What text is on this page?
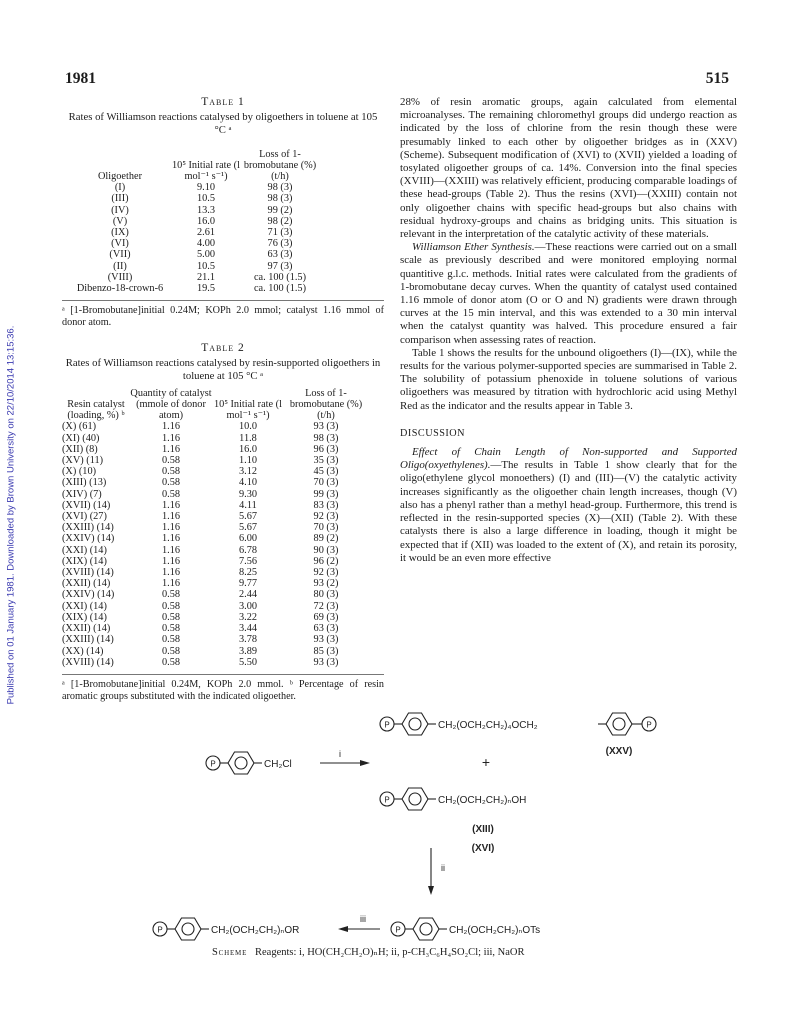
Published on 01 January 1981. Downloaded by Brown University on 22/10/2014 13:15:36.
1981	515
Table 1
Rates of Williamson reactions catalysed by oligoethers in toluene at 105 °C ᵃ
Oligoether	10⁵ Initial rate (l mol⁻¹ s⁻¹)	Loss of 1-bromobutane (%) (t/h)
(I)	9.10	98 (3)
(III)	10.5	98 (3)
(IV)	13.3	99 (2)
(V)	16.0	98 (2)
(IX)	2.61	71 (3)
(VI)	4.00	76 (3)
(VII)	5.00	63 (3)
(II)	10.5	97 (3)
(VIII)	21.1	ca. 100 (1.5)
Dibenzo-18-crown-6	19.5	ca. 100 (1.5)
ᵃ [1-Bromobutane]initial 0.24M; KOPh 2.0 mmol; catalyst 1.16 mmol of donor atom.
Table 2
Rates of Williamson reactions catalysed by resin-supported oligoethers in toluene at 105 °C ᵃ
Resin catalyst (loading, %) ᵇ	Quantity of catalyst (mmole of donor atom)	10⁵ Initial rate (l mol⁻¹ s⁻¹)	Loss of 1-bromobutane (%) (t/h)
(X) (61)	1.16	10.0	93 (3)
(XI) (40)	1.16	11.8	98 (3)
(XII) (8)	1.16	16.0	96 (3)
(XV) (11)	0.58	1.10	35 (3)
(X) (10)	0.58	3.12	45 (3)
(XIII) (13)	0.58	4.10	70 (3)
(XIV) (7)	0.58	9.30	99 (3)
(XVII) (14)	1.16	4.11	83 (3)
(XVI) (27)	1.16	5.67	92 (3)
(XXIII) (14)	1.16	5.67	70 (3)
(XXIV) (14)	1.16	6.00	89 (2)
(XXI) (14)	1.16	6.78	90 (3)
(XIX) (14)	1.16	7.56	96 (2)
(XVIII) (14)	1.16	8.25	92 (3)
(XXII) (14)	1.16	9.77	93 (2)
(XXIV) (14)	0.58	2.44	80 (3)
(XXI) (14)	0.58	3.00	72 (3)
(XIX) (14)	0.58	3.22	69 (3)
(XXII) (14)	0.58	3.44	63 (3)
(XXIII) (14)	0.58	3.78	93 (3)
(XX) (14)	0.58	3.89	85 (3)
(XVIII) (14)	0.58	5.50	93 (3)
ᵃ [1-Bromobutane]initial 0.24M, KOPh 2.0 mmol. ᵇ Percentage of resin aromatic groups substituted with the indicated oligoether.

28% of resin aromatic groups, again calculated from elemental microanalyses. The remaining chloromethyl groups did undergo reaction as indicated by the loss of chlorine from the resin though these were presumably linked to each other by oligoether bridges as in (XXV) (Scheme). Subsequent modification of (XVI) to (XVII) yielded a loading of tosylated oligoether groups of ca. 14%. Conversion into the final species (XVIII)—(XXIII) was relatively efficient, producing comparable loadings of these head-groups (Table 2). Thus the resins (XVI)—(XXIII) contain not only oligoether chains with specific head-groups but also chains with residual hydroxy-groups and chains as bridging units. This situation is relevant in the interpretation of the catalytic activity of these materials.

Williamson Ether Synthesis.—These reactions were carried out on a small scale as previously described and were monitored employing normal quantitive g.l.c. methods. Initial rates were calculated from the gradients of 1-bromobutane decay curves. When the quantity of catalyst used contained 1.16 mmole of donor atom (O or O and N) gradients were drawn through curves at the 15 min interval, and this was extended to a 30 min interval when the catalyst quantity was halved. This procedure ensured a fair comparison when assessing rates of reaction.

Table 1 shows the results for the unbound oligoethers (I)—(IX), while the results for the various polymer-supported species are summarised in Table 2. The solubility of potassium phenoxide in toluene solutions of various oligoethers was measured by titration with hydrochloric acid using Methyl Red as the indicator and the results appear in Table 3.

DISCUSSION

Effect of Chain Length of Non-supported and Supported Oligo(oxyethylenes).—The results in Table 1 show clearly that for the oligo(ethylene glycol monoethers) (I) and (III)—(V) the catalytic activity increases significantly as the oligoether chain length increases, though (V) also has a phenyl rather than a methyl head-group. Furthermore, this trend is reflected in the resin-supported species (X)—(XII) (Table 2). With these catalysts there is also a large difference in loading, though it might be expected that if (XII) was loaded to the extent of (X), and retain its porosity, it would be an even more effective

P	P
P
P
P	P
CH₂(OCH₂CH₂)₄OCH₂
(XXV)
CH₂Cl
i	+
CH₂(OCH₂CH₂)ₙOH
(XIII)
(XVI)
ii
CH₂(OCH₂CH₂)ₙOR
iii
CH₂(OCH₂CH₂)ₙOTs
Scheme Reagents: i, HO(CH₂CH₂O)ₙH; ii, p-CH₃C₆H₄SO₂Cl; iii, NaOR
